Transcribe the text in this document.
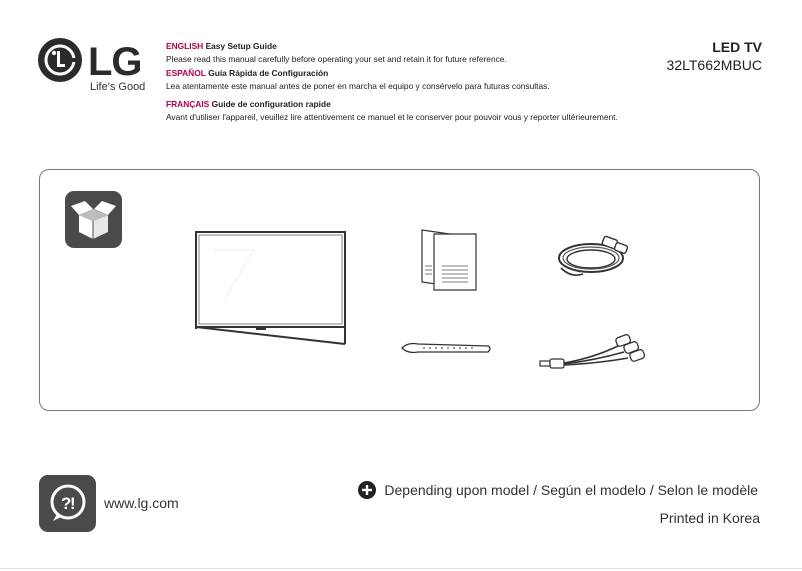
LG
Life's Good

ENGLISH Easy Setup Guide

Please read this manual carefully before operating your set and retain it for future reference.

ESPAÑOL Guía Rápida de Configuración

Lea atentamente este manual antes de poner en marcha el equipo y consérvelo para futuras consultas.

FRANÇAIS Guide de configuration rapide

Avant d'utiliser l'appareil, veuillez lire attentivement ce manuel et le conserver pour pouvoir vous y reporter ultérieurement.

LED TV
32LT662MBUC
?
! www.lg.com
Depending upon model / Según el modelo / Selon le modèle
Printed in Korea
